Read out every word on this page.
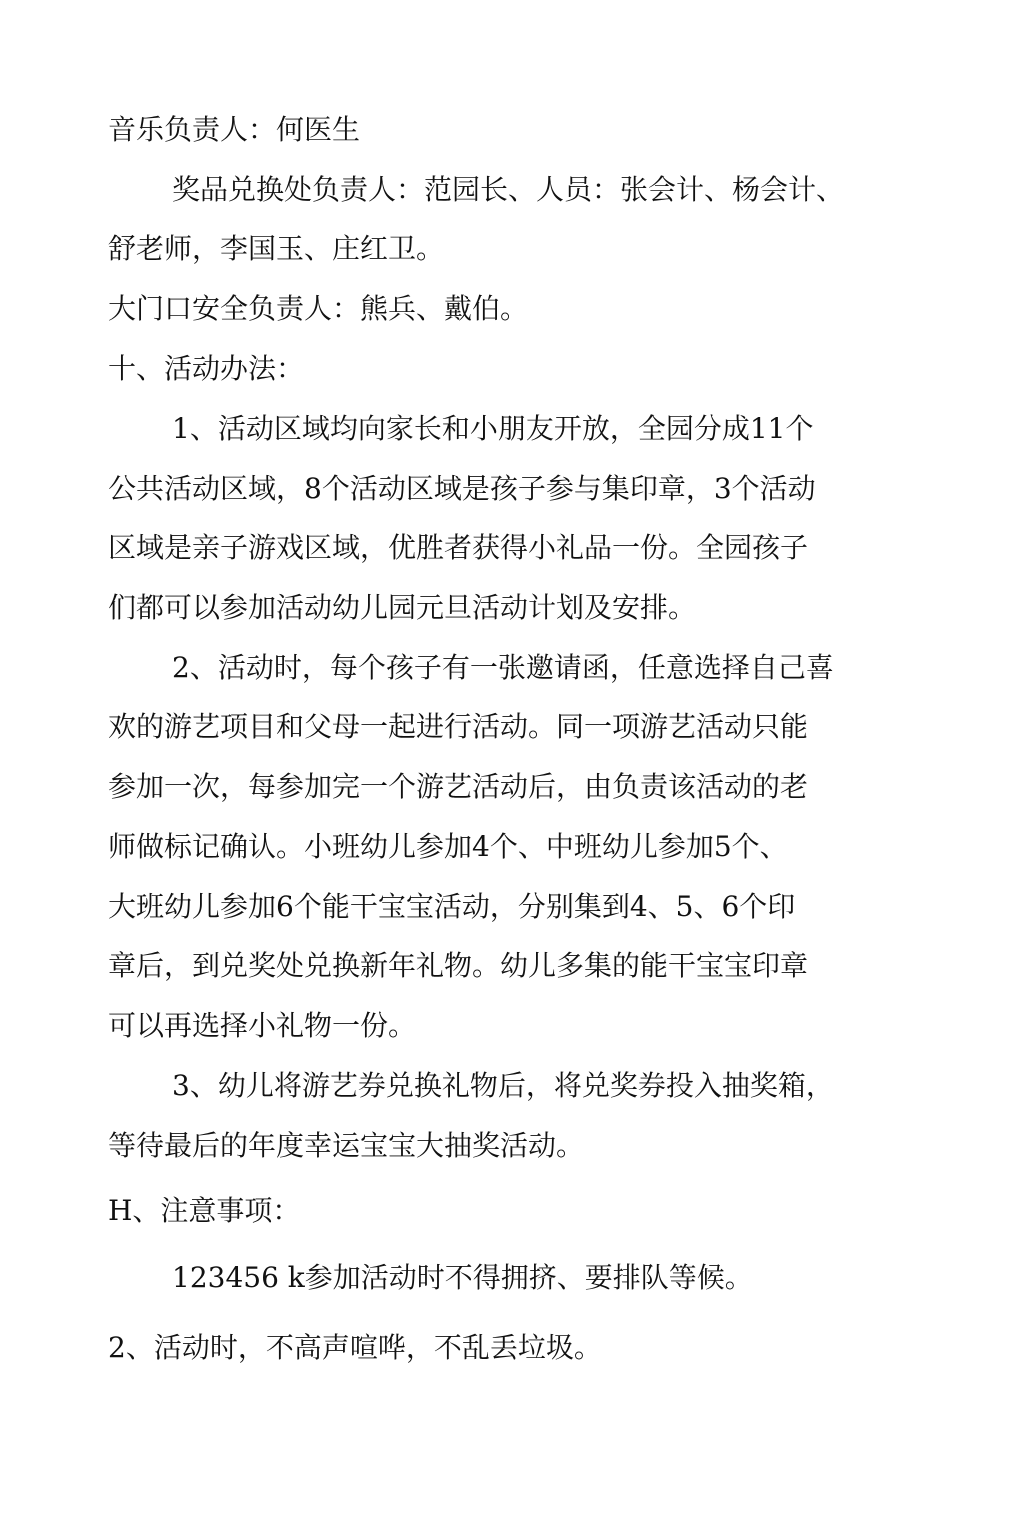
音乐负责人：何医生
奖品兑换处负责人：范园长、人员：张会计、杨会计、
舒老师，李国玉、庄红卫。
大门口安全负责人：熊兵、戴伯。
十、活动办法：
1、活动区域均向家长和小朋友开放，全园分成11个
公共活动区域，8个活动区域是孩子参与集印章，3个活动
区域是亲子游戏区域，优胜者获得小礼品一份。全园孩子
们都可以参加活动幼儿园元旦活动计划及安排。
2、活动时，每个孩子有一张邀请函，任意选择自己喜
欢的游艺项目和父母一起进行活动。同一项游艺活动只能
参加一次，每参加完一个游艺活动后，由负责该活动的老
师做标记确认。小班幼儿参加4个、中班幼儿参加5个、
大班幼儿参加6个能干宝宝活动，分别集到4、5、6个印
章后，到兑奖处兑换新年礼物。幼儿多集的能干宝宝印章
可以再选择小礼物一份。
3、幼儿将游艺券兑换礼物后，将兑奖券投入抽奖箱，
等待最后的年度幸运宝宝大抽奖活动。
H、注意事项：
123456 k参加活动时不得拥挤、要排队等候。
2、活动时，不高声喧哗，不乱丢垃圾。
